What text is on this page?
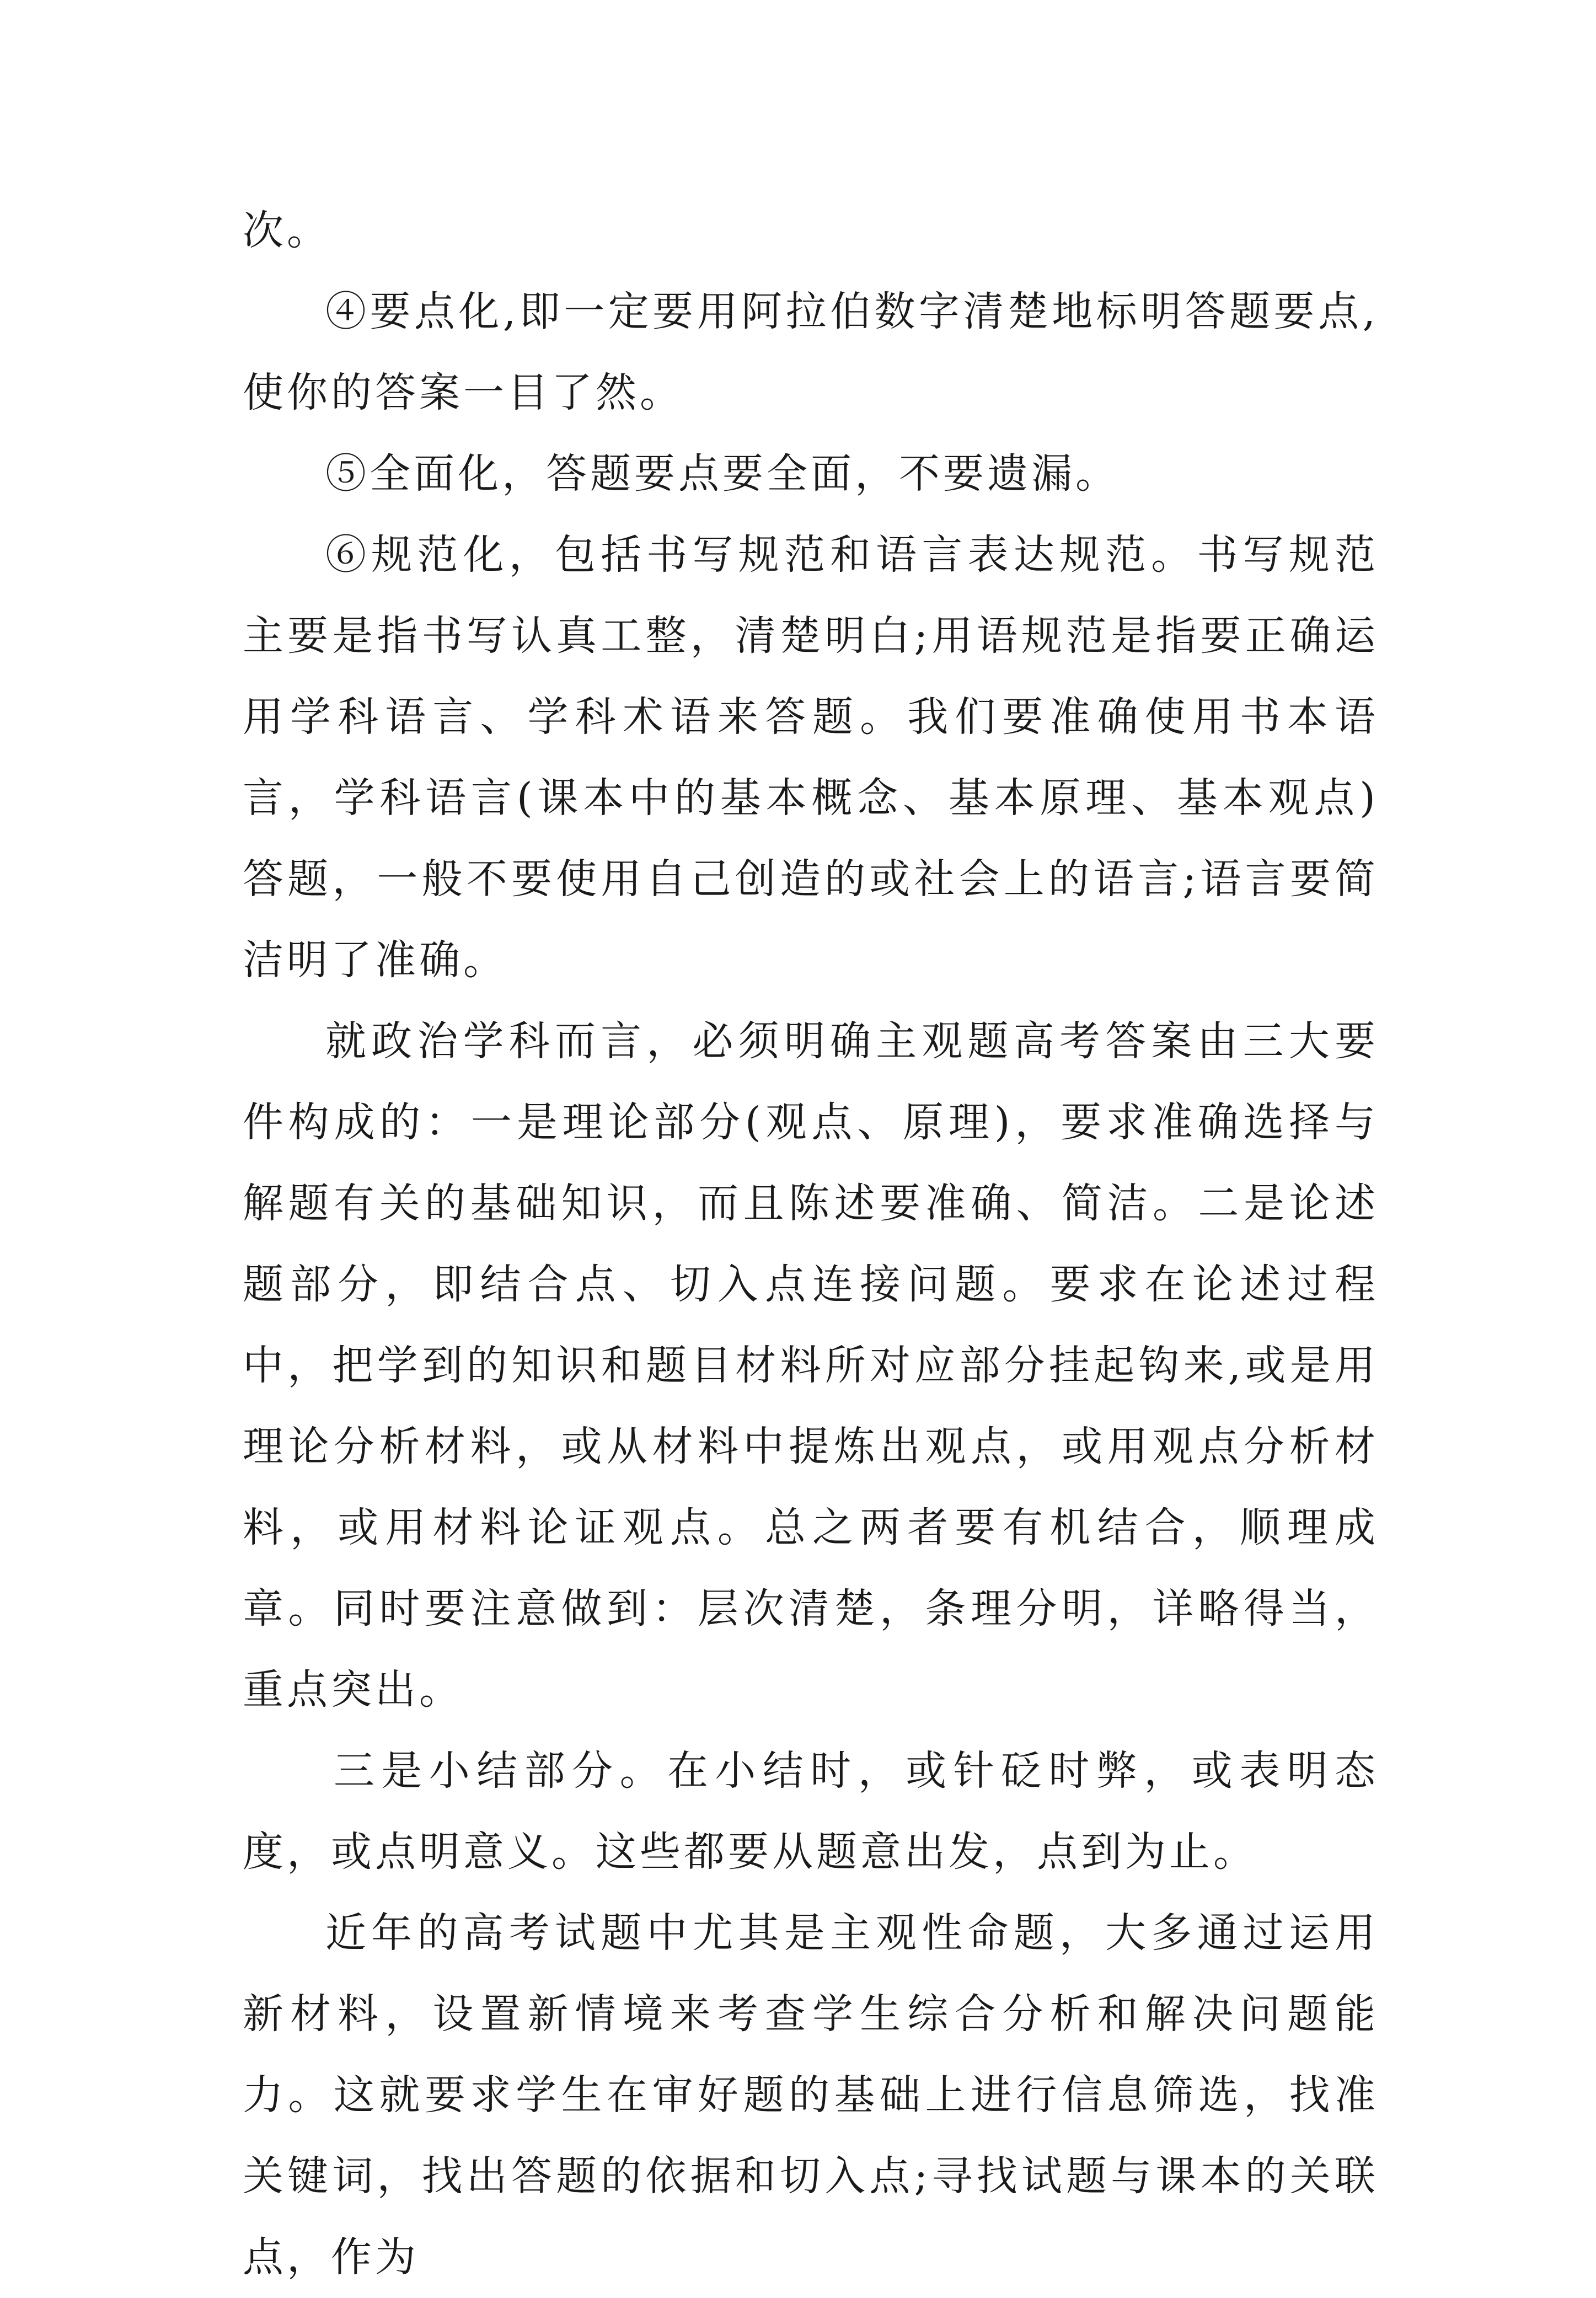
次。

④要点化,即一定要用阿拉伯数字清楚地标明答题要点,使你的答案一目了然。

⑤全面化，答题要点要全面，不要遗漏。

⑥规范化，包括书写规范和语言表达规范。书写规范主要是指书写认真工整，清楚明白;用语规范是指要正确运用学科语言、学科术语来答题。我们要准确使用书本语言，学科语言(课本中的基本概念、基本原理、基本观点)答题，一般不要使用自己创造的或社会上的语言;语言要简洁明了准确。

就政治学科而言，必须明确主观题高考答案由三大要件构成的：一是理论部分(观点、原理)，要求准确选择与解题有关的基础知识，而且陈述要准确、简洁。二是论述题部分，即结合点、切入点连接问题。要求在论述过程中，把学到的知识和题目材料所对应部分挂起钩来,或是用理论分析材料，或从材料中提炼出观点，或用观点分析材料，或用材料论证观点。总之两者要有机结合，顺理成章。同时要注意做到：层次清楚，条理分明，详略得当，重点突出。

三是小结部分。在小结时，或针砭时弊，或表明态度，或点明意义。这些都要从题意出发，点到为止。

近年的高考试题中尤其是主观性命题，大多通过运用新材料，设置新情境来考查学生综合分析和解决问题能力。这就要求学生在审好题的基础上进行信息筛选，找准关键词，找出答题的依据和切入点;寻找试题与课本的关联点，作为
